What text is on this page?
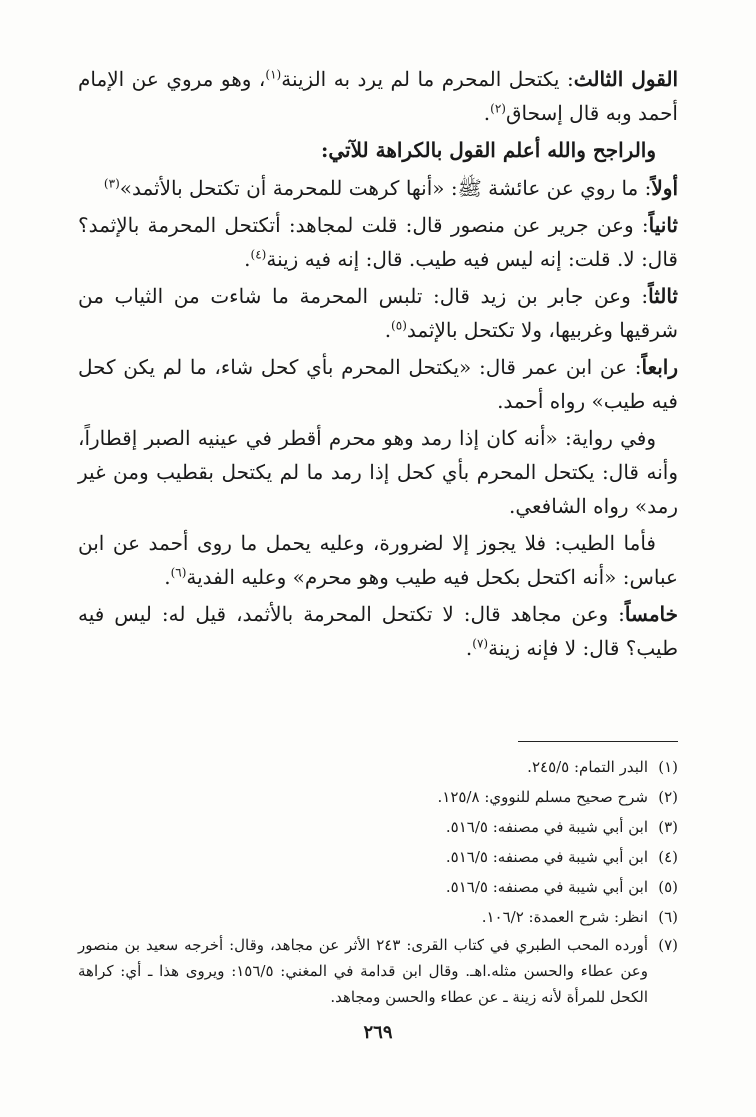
القول الثالث: يكتحل المحرم ما لم يرد به الزينة$^{(١)}$، وهو مروي عن الإمام أحمد وبه قال إسحاق$^{(٢)}$.

والراجح والله أعلم القول بالكراهة للآتي:

أولاً: ما روي عن عائشة ﷺ: «أنها كرهت للمحرمة أن تكتحل بالأثمد»$^{(٣)}$

ثانياً: وعن جرير عن منصور قال: قلت لمجاهد: أتكتحل المحرمة بالإثمد؟ قال: لا. قلت: إنه ليس فيه طيب. قال: إنه فيه زينة$^{(٤)}$.

ثالثاً: وعن جابر بن زيد قال: تلبس المحرمة ما شاءت من الثياب من شرقيها وغربيها، ولا تكتحل بالإثمد$^{(٥)}$.

رابعاً: عن ابن عمر قال: «يكتحل المحرم بأي كحل شاء، ما لم يكن كحل فيه طيب» رواه أحمد.

وفي رواية: «أنه كان إذا رمد وهو محرم أقطر في عينيه الصبر إقطاراً، وأنه قال: يكتحل المحرم بأي كحل إذا رمد ما لم يكتحل بقطيب ومن غير رمد» رواه الشافعي.

فأما الطيب: فلا يجوز إلا لضرورة، وعليه يحمل ما روى أحمد عن ابن عباس: «أنه اكتحل بكحل فيه طيب وهو محرم» وعليه الفدية$^{(٦)}$.

خامساً: وعن مجاهد قال: لا تكتحل المحرمة بالأثمد، قيل له: ليس فيه طيب؟ قال: لا فإنه زينة$^{(٧)}$.

(١)
البدر التمام: ٢٤٥/٥.
(٢)
شرح صحيح مسلم للنووي: ١٢٥/٨.
(٣)
ابن أبي شيبة في مصنفه: ٥١٦/٥.
(٤)
ابن أبي شيبة في مصنفه: ٥١٦/٥.
(٥)
ابن أبي شيبة في مصنفه: ٥١٦/٥.
(٦)
انظر: شرح العمدة: ١٠٦/٢.
(٧)
أورده المحب الطبري في كتاب القرى: ٢٤٣ الأثر عن مجاهد، وقال: أخرجه سعيد بن منصور وعن عطاء والحسن مثله.اهـ. وقال ابن قدامة في المغني: ١٥٦/٥: ويروى هذا ـ أي: كراهة الكحل للمرأة لأنه زينة ـ عن عطاء والحسن ومجاهد.
٢٦٩
